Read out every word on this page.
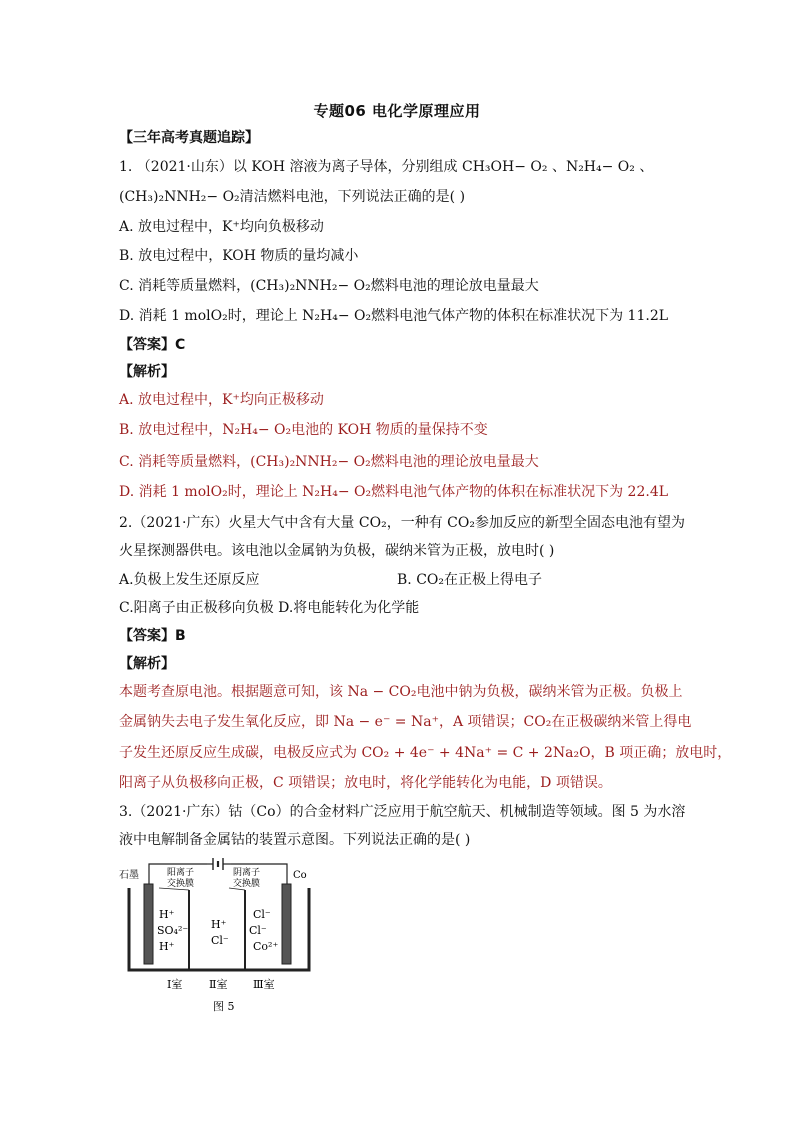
专题06 电化学原理应用
【三年高考真题追踪】
1. （2021·山东）以 KOH 溶液为离子导体，分别组成 CH₃OH− O₂ 、N₂H₄− O₂ 、
(CH₃)₂NNH₂− O₂清洁燃料电池，下列说法正确的是( )
A. 放电过程中，K⁺均向负极移动
B. 放电过程中，KOH 物质的量均减小
C. 消耗等质量燃料，(CH₃)₂NNH₂− O₂燃料电池的理论放电量最大
D. 消耗 1 molO₂时，理论上 N₂H₄− O₂燃料电池气体产物的体积在标准状况下为 11.2L
【答案】C
【解析】
A. 放电过程中，K⁺均向正极移动
B. 放电过程中，N₂H₄− O₂电池的 KOH 物质的量保持不变
C. 消耗等质量燃料，(CH₃)₂NNH₂− O₂燃料电池的理论放电量最大
D. 消耗 1 molO₂时，理论上 N₂H₄− O₂燃料电池气体产物的体积在标准状况下为 22.4L
2.（2021·广东）火星大气中含有大量 CO₂，一种有 CO₂参加反应的新型全固态电池有望为
火星探测器供电。该电池以金属钠为负极，碳纳米管为正极，放电时( )
A.负极上发生还原反应	B. CO₂在正极上得电子
C.阳离子由正极移向负极 D.将电能转化为化学能
【答案】B
【解析】
本题考查原电池。根据题意可知，该 Na − CO₂电池中钠为负极，碳纳米管为正极。负极上
金属钠失去电子发生氧化反应，即 Na − e⁻ = Na⁺，A 项错误；CO₂在正极碳纳米管上得电
子发生还原反应生成碳，电极反应式为 CO₂ + 4e⁻ + 4Na⁺ = C + 2Na₂O，B 项正确；放电时，
阳离子从负极移向正极，C 项错误；放电时，将化学能转化为电能，D 项错误。
3.（2021·广东）钴（Co）的合金材料广泛应用于航空航天、机械制造等领域。图 5 为水溶
液中电解制备金属钴的装置示意图。下列说法正确的是( )
石墨	Co
阳离子
交换膜
阴离子
交换膜
H⁺
SO₄²⁻
H⁺
H⁺
Cl⁻
Cl⁻
Cl⁻
Co²⁺
Ⅰ室 Ⅱ室 Ⅲ室
图 5
